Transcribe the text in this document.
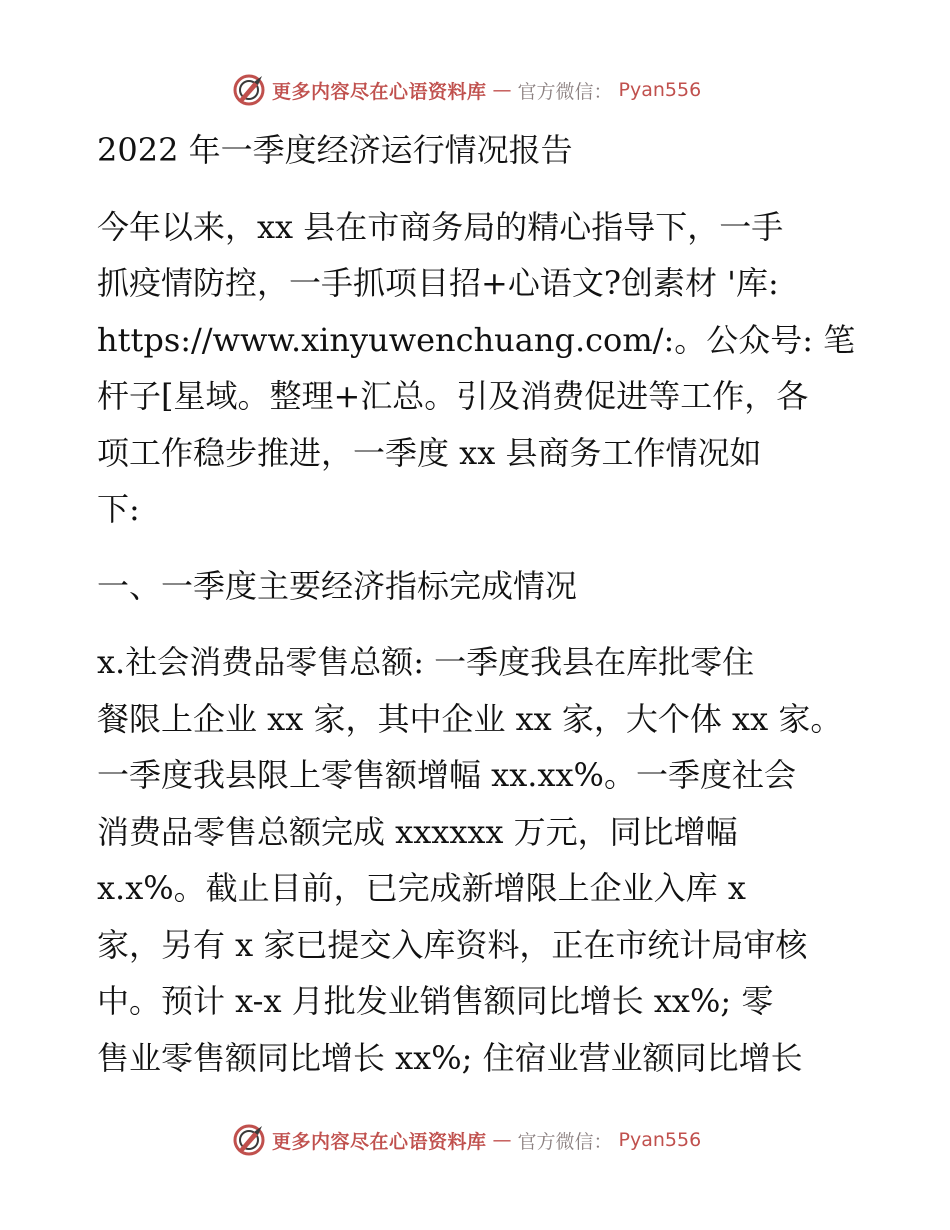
更多内容尽在心语资料库 — 官方微信： Pyan556
2022 年一季度经济运行情况报告
今年以来，xx 县在市商务局的精心指导下，一手
抓疫情防控，一手抓项目招+心语文?创素材 '库:
https://www.xinyuwenchuang.com/:。公众号: 笔
杆子[星域。整理+汇总。引及消费促进等工作，各
项工作稳步推进，一季度 xx 县商务工作情况如
下:
一、一季度主要经济指标完成情况
x.社会消费品零售总额: 一季度我县在库批零住
餐限上企业 xx 家，其中企业 xx 家，大个体 xx 家。
一季度我县限上零售额增幅 xx.xx%。一季度社会
消费品零售总额完成 xxxxxx 万元，同比增幅
x.x%。截止目前，已完成新增限上企业入库 x
家，另有 x 家已提交入库资料，正在市统计局审核
中。预计 x-x 月批发业销售额同比增长 xx%; 零
售业零售额同比增长 xx%; 住宿业营业额同比增长
更多内容尽在心语资料库 — 官方微信： Pyan556
